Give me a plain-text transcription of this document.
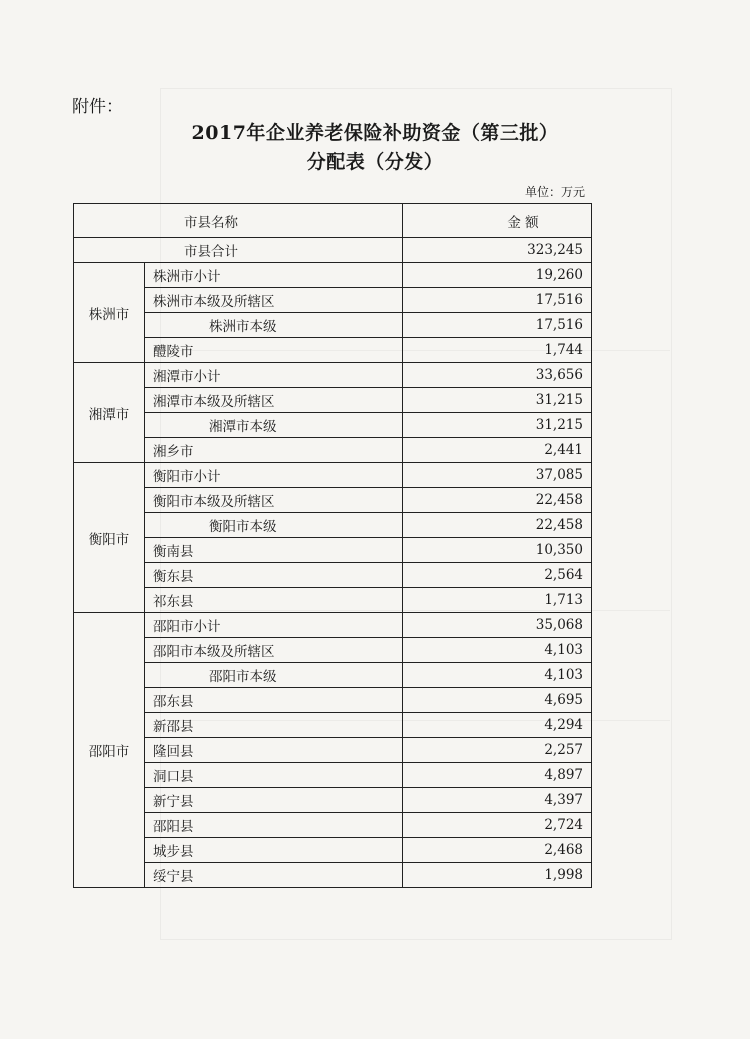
附件：
2017年企业养老保险补助资金（第三批）
分配表（分发）
单位：万元
市县名称		金 额
市县合计		323,245
株洲市	株洲市小计	19,260
	株洲市本级及所辖区	17,516
	株洲市本级	17,516
	醴陵市	1,744
湘潭市	湘潭市小计	33,656
	湘潭市本级及所辖区	31,215
	湘潭市本级	31,215
	湘乡市	2,441
衡阳市	衡阳市小计	37,085
	衡阳市本级及所辖区	22,458
	衡阳市本级	22,458
	衡南县	10,350
	衡东县	2,564
	祁东县	1,713
邵阳市	邵阳市小计	35,068
	邵阳市本级及所辖区	4,103
	邵阳市本级	4,103
	邵东县	4,695
	新邵县	4,294
	隆回县	2,257
	洞口县	4,897
	新宁县	4,397
	邵阳县	2,724
	城步县	2,468
	绥宁县	1,998
